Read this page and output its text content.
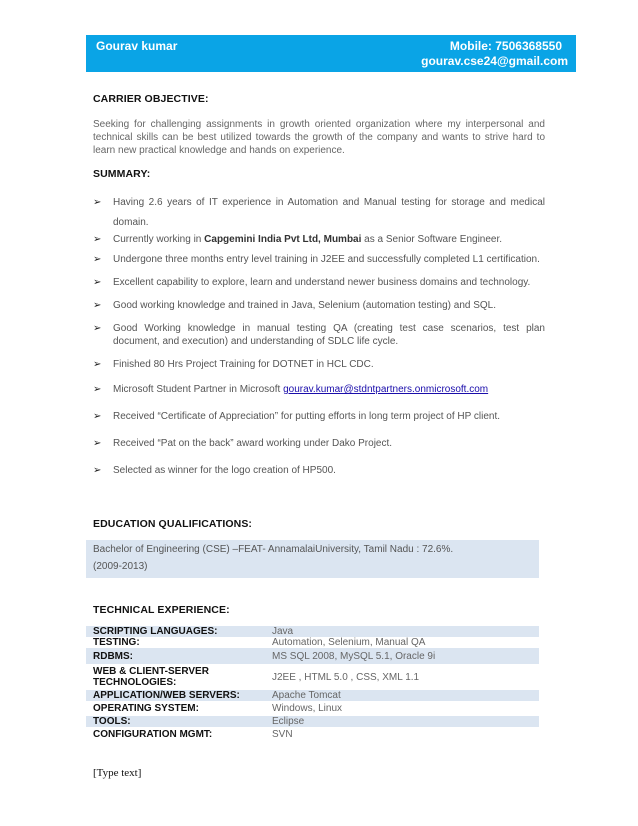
Gourav kumar	Mobile: 7506368550
gourav.cse24@gmail.com
CARRIER OBJECTIVE:
Seeking for challenging assignments in growth oriented organization where my interpersonal and technical skills can be best utilized towards the growth of the company and wants to strive hard to learn new practical knowledge and hands on experience.
SUMMARY:
➢ Having 2.6 years of IT experience in Automation and Manual testing for storage and medical domain.
➢ Currently working in Capgemini India Pvt Ltd, Mumbai as a Senior Software Engineer.
➢ Undergone three months entry level training in J2EE and successfully completed L1 certification.
➢ Excellent capability to explore, learn and understand newer business domains and technology.
➢ Good working knowledge and trained in Java, Selenium (automation testing) and SQL.
➢ Good Working knowledge in manual testing QA (creating test case scenarios, test plan document, and execution) and understanding of SDLC life cycle.
➢ Finished 80 Hrs Project Training for DOTNET in HCL CDC.
➢ Microsoft Student Partner in Microsoft gourav.kumar@stdntpartners.onmicrosoft.com
➢ Received “Certificate of Appreciation” for putting efforts in long term project of HP client.
➢ Received “Pat on the back” award working under Dako Project.
➢ Selected as winner for the logo creation of HP500.
EDUCATION QUALIFICATIONS:
Bachelor of Engineering (CSE) –FEAT- AnnamalaiUniversity, Tamil Nadu : 72.6%.
(2009-2013)
TECHNICAL EXPERIENCE:
SCRIPTING LANGUAGES:	Java
TESTING:	Automation, Selenium, Manual QA
RDBMS:	MS SQL 2008, MySQL 5.1, Oracle 9i
WEB & CLIENT-SERVER TECHNOLOGIES:	J2EE , HTML 5.0 , CSS, XML 1.1
APPLICATION/WEB SERVERS:	Apache Tomcat
OPERATING SYSTEM:	Windows, Linux
TOOLS:	Eclipse
CONFIGURATION MGMT:	SVN
[Type text]
